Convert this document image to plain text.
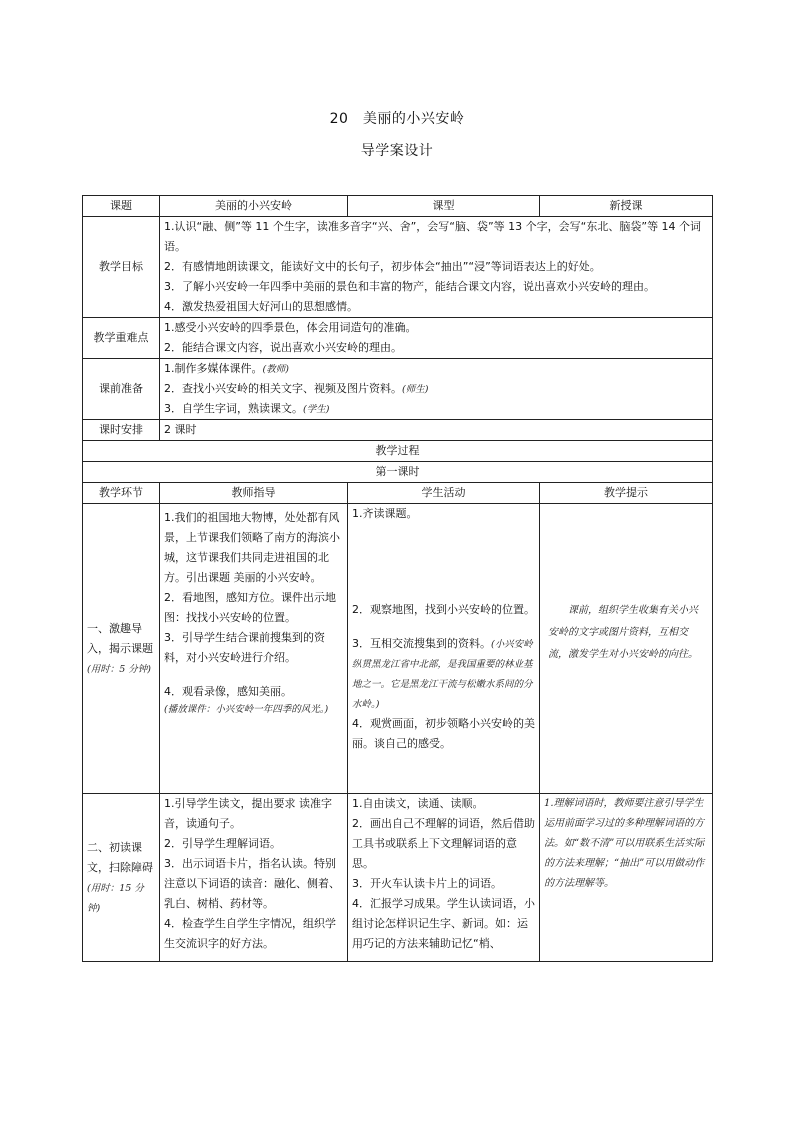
20　美丽的小兴安岭
导学案设计
课题	美丽的小兴安岭	课型	新授课
教学目标	1.认识“融、侧”等 11 个生字，读准多音字“兴、舍”，会写“脑、袋”等 13 个字，会写“东北、脑袋”等 14 个词语。
2．有感情地朗读课文，能读好文中的长句子，初步体会“抽出”“浸”等词语表达上的好处。
3．了解小兴安岭一年四季中美丽的景色和丰富的物产，能结合课文内容，说出喜欢小兴安岭的理由。
4．激发热爱祖国大好河山的思想感情。		

教学重难点	1.感受小兴安岭的四季景色，体会用词造句的准确。
2．能结合课文内容，说出喜欢小兴安岭的理由。		

课前准备	1.制作多媒体课件。(教师)
2．查找小兴安岭的相关文字、视频及图片资料。(师生)
3．自学生字词，熟读课文。(学生)		

课时安排	2 课时		
教学过程			
第一课时			
教学环节	教师指导	学生活动	教学提示
一、激趣导入，揭示课题(用时：5 分钟)	1.我们的祖国地大物博，处处都有风景，上节课我们领略了南方的海滨小城，这节课我们共同走进祖国的北方。引出课题 美丽的小兴安岭。
2．看地图，感知方位。课件出示地图：找找小兴安岭的位置。
3．引导学生结合课前搜集到的资料，对小兴安岭进行介绍。
4．观看录像，感知美丽。
(播放课件：小兴安岭一年四季的风光。)	1.齐读课题。
2．观察地图，找到小兴安岭的位置。
3．互相交流搜集到的资料。(小兴安岭纵贯黑龙江省中北部，是我国重要的林业基地之一。它是黑龙江干流与松嫩水系间的分水岭。)
4．观赏画面，初步领略小兴安岭的美丽。谈自己的感受。	课前，组织学生收集有关小兴安岭的文字或图片资料，互相交流，激发学生对小兴安岭的向往。

二、初读课文，扫除障碍(用时：15 分钟)	1.引导学生读文，提出要求 读准字音，读通句子。
2．引导学生理解词语。
3．出示词语卡片，指名认读。特别注意以下词语的读音：融化、侧着、乳白、树梢、药材等。
4．检查学生自学生字情况，组织学生交流识字的好方法。	1.自由读文，读通、读顺。
2．画出自己不理解的词语，然后借助工具书或联系上下文理解词语的意思。
3．开火车认读卡片上的词语。
4．汇报学习成果。学生认读词语，小组讨论怎样识记生字、新词。如：运用巧记的方法来辅助记忆“梢、	1.理解词语时，教师要注意引导学生运用前面学习过的多种理解词语的方法。如“数不清”可以用联系生活实际的方法来理解；“抽出”可以用做动作的方法理解等。
